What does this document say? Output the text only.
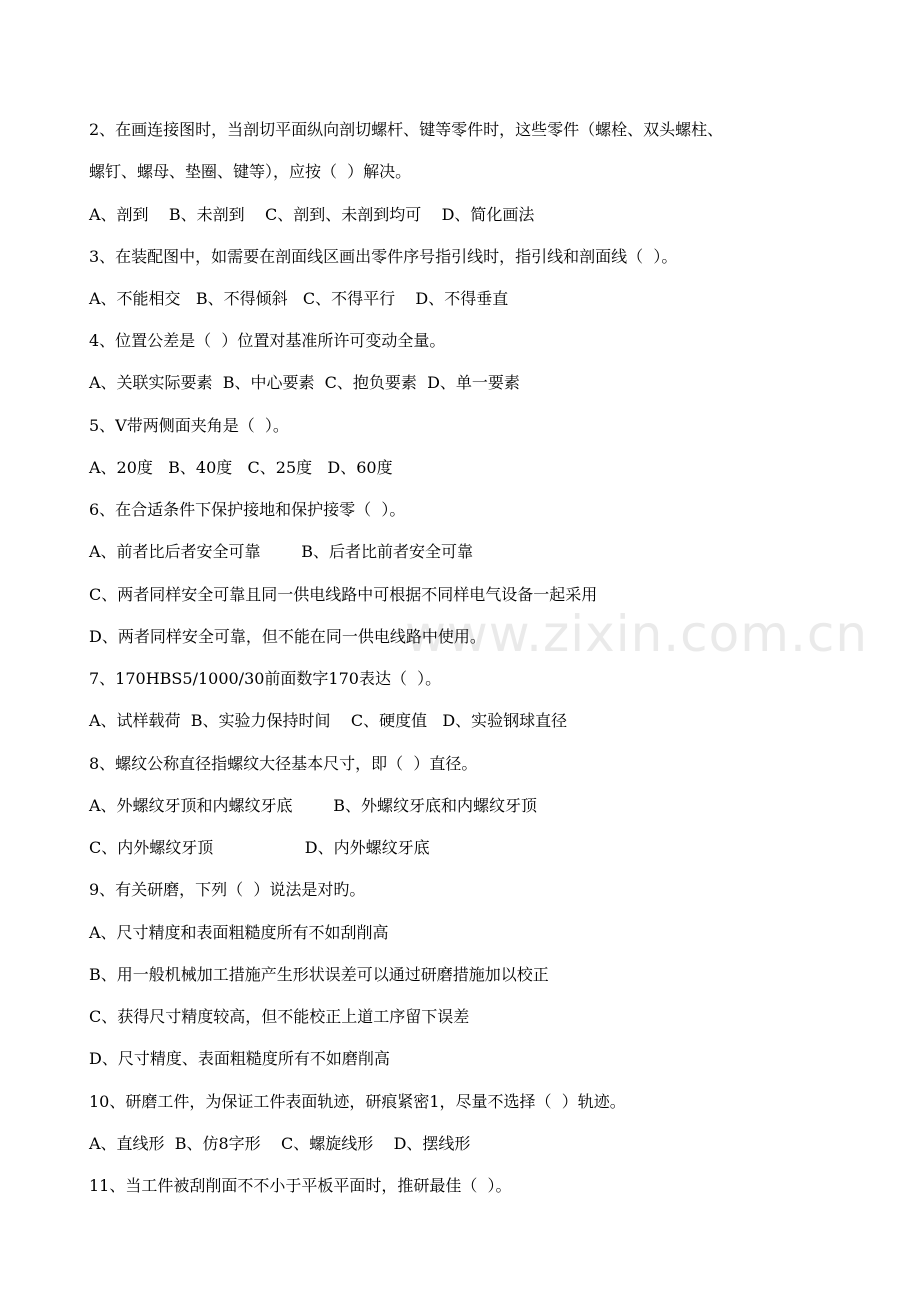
www.zixin.com.cn
2、在画连接图时，当剖切平面纵向剖切螺杆、键等零件时，这些零件（螺栓、双头螺柱、
螺钉、螺母、垫圈、键等），应按（  ）解决。
A、剖到    B、未剖到    C、剖到、未剖到均可    D、简化画法
3、在装配图中，如需要在剖面线区画出零件序号指引线时，指引线和剖面线（  ）。
A、不能相交   B、不得倾斜   C、不得平行    D、不得垂直
4、位置公差是（  ）位置对基准所许可变动全量。
A、关联实际要素  B、中心要素  C、抱负要素  D、单一要素
5、V带两侧面夹角是（  ）。
A、20度   B、40度   C、25度   D、60度
6、在合适条件下保护接地和保护接零（  ）。
A、前者比后者安全可靠        B、后者比前者安全可靠
C、两者同样安全可靠且同一供电线路中可根据不同样电气设备一起采用
D、两者同样安全可靠，但不能在同一供电线路中使用。
7、170HBS5/1000/30前面数字170表达（  ）。
A、试样载荷  B、实验力保持时间    C、硬度值   D、实验钢球直径
8、螺纹公称直径指螺纹大径基本尺寸，即（  ）直径。
A、外螺纹牙顶和内螺纹牙底        B、外螺纹牙底和内螺纹牙顶
C、内外螺纹牙顶                  D、内外螺纹牙底
9、有关研磨，下列（  ）说法是对旳。
A、尺寸精度和表面粗糙度所有不如刮削高
B、用一般机械加工措施产生形状误差可以通过研磨措施加以校正
C、获得尺寸精度较高，但不能校正上道工序留下误差
D、尺寸精度、表面粗糙度所有不如磨削高
10、研磨工件，为保证工件表面轨迹，研痕紧密1，尽量不选择（  ）轨迹。
A、直线形  B、仿8字形    C、螺旋线形    D、摆线形
11、当工件被刮削面不不小于平板平面时，推研最佳（  ）。
